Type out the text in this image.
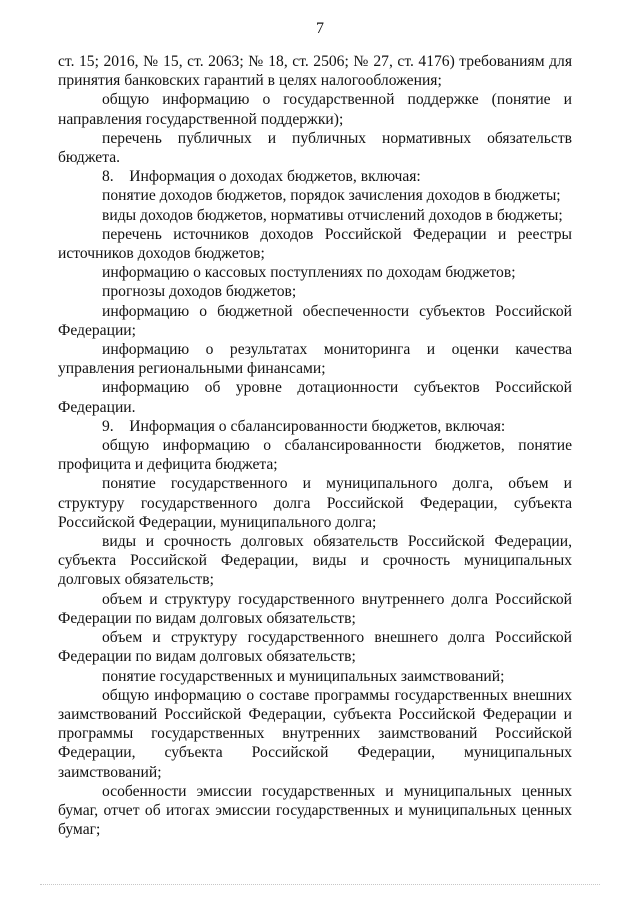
7

ст. 15; 2016, № 15, ст. 2063; № 18, ст. 2506; № 27, ст. 4176) требованиям для принятия банковских гарантий в целях налогообложения;

общую информацию о государственной поддержке (понятие и направления государственной поддержки);

перечень публичных и публичных нормативных обязательств бюджета.

8. Информация о доходах бюджетов, включая:

понятие доходов бюджетов, порядок зачисления доходов в бюджеты;

виды доходов бюджетов, нормативы отчислений доходов в бюджеты;

перечень источников доходов Российской Федерации и реестры источников доходов бюджетов;

информацию о кассовых поступлениях по доходам бюджетов;

прогнозы доходов бюджетов;

информацию о бюджетной обеспеченности субъектов Российской Федерации;

информацию о результатах мониторинга и оценки качества управления региональными финансами;

информацию об уровне дотационности субъектов Российской Федерации.

9. Информация о сбалансированности бюджетов, включая:

общую информацию о сбалансированности бюджетов, понятие профицита и дефицита бюджета;

понятие государственного и муниципального долга, объем и структуру государственного долга Российской Федерации, субъекта Российской Федерации, муниципального долга;

виды и срочность долговых обязательств Российской Федерации, субъекта Российской Федерации, виды и срочность муниципальных долговых обязательств;

объем и структуру государственного внутреннего долга Российской Федерации по видам долговых обязательств;

объем и структуру государственного внешнего долга Российской Федерации по видам долговых обязательств;

понятие государственных и муниципальных заимствований;

общую информацию о составе программы государственных внешних заимствований Российской Федерации, субъекта Российской Федерации и программы государственных внутренних заимствований Российской Федерации, субъекта Российской Федерации, муниципальных заимствований;

особенности эмиссии государственных и муниципальных ценных бумаг, отчет об итогах эмиссии государственных и муниципальных ценных бумаг;
